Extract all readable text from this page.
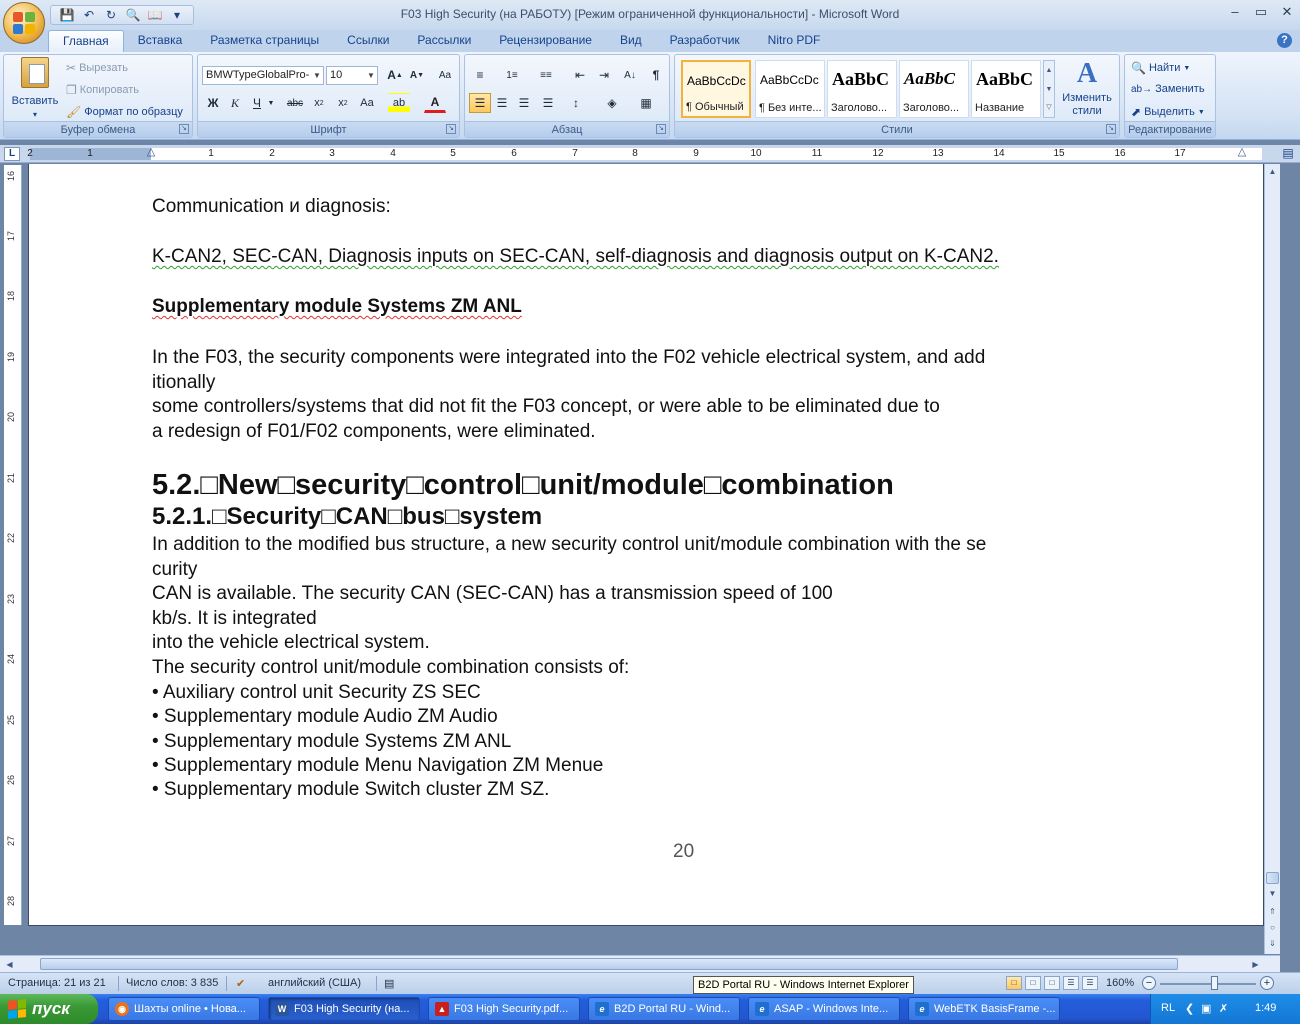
💾 ↶ ↻ 🔍 📖 ▾	F03 High Security (на РАБОТУ) [Режим ограниченной функциональности] - Microsoft Word	– ▭ ✕
Главная	Вставка	Разметка страницы	Ссылки	Рассылки	Рецензирование	Вид	Разработчик	Nitro PDF	?
Вставить
▾
✂ Вырезать
❐ Копировать
🖌 Формат по образцу
Буфер обмена	↘
BMWTypeGlobalPro- ▼ 10	▼ A ▲ A ▼	Aa
Ж	К	Ч ▼ abc	x 2	x 2	Aa	ab	A
Шрифт	↘
≡	1≡	≡≡	⇤	⇥	A↓	¶
☰ ☰ ☰	☰	↕	◈	▦
Абзац	↘
AaBbCcDc
¶ Обычный
AaBbCcDc
¶ Без инте...
AaBbC
Заголово...
AaBbC
Заголово...
AaBbC
Название
▲
▼
▽
A
Изменить стили
Стили	↘
🔍 Найти ▼
ab→ Заменить
⬈ Выделить ▼
Редактирование
L	2	1	1	2	3	4	5	6	7	8	9	10	11	12	13	14	15	16	17
△	△	▤
16
17
18
19
20
21
22
23
24
25
26
27
28
Communication и diagnosis:
K-CAN2, SEC-CAN, Diagnosis inputs on SEC-CAN, self-diagnosis and diagnosis output on K-CAN2.
Supplementary module Systems ZM ANL
In the F03, the security components were integrated into the F02 vehicle electrical system, and add
itionally
some controllers/systems that did not fit the F03 concept, or were able to be eliminated due to
a redesign of F01/F02 components, were eliminated.
5.2.□New□security□control□unit/module□combination
5.2.1.□Security□CAN□bus□system
In addition to the modified bus structure, a new security control unit/module combination with the se
curity
CAN is available. The security CAN (SEC-CAN) has a transmission speed of 100
kb/s. It is integrated
into the vehicle electrical system.
The security control unit/module combination consists of:
• Auxiliary control unit Security ZS SEC
• Supplementary module Audio ZM Audio
• Supplementary module Systems ZM ANL
• Supplementary module Menu Navigation ZM Menue
• Supplementary module Switch cluster ZM SZ.
20
▲
▼
⇑
○
⇓
◀	▶
Страница: 21 из 21 Число слов: 3 835 ✔ английский (США) ▤	□	□	□	☰	☰	160%	−	+
B2D Portal RU - Windows Internet Explorer
пуск	◉ Шахты online • Нова...	W F03 High Security (на...	▲ F03 High Security.pdf...	e B2D Portal RU - Wind...	e ASAP - Windows Inte...	e WebETK BasisFrame -...	RL ❮ ▣ ✗ 1:49
